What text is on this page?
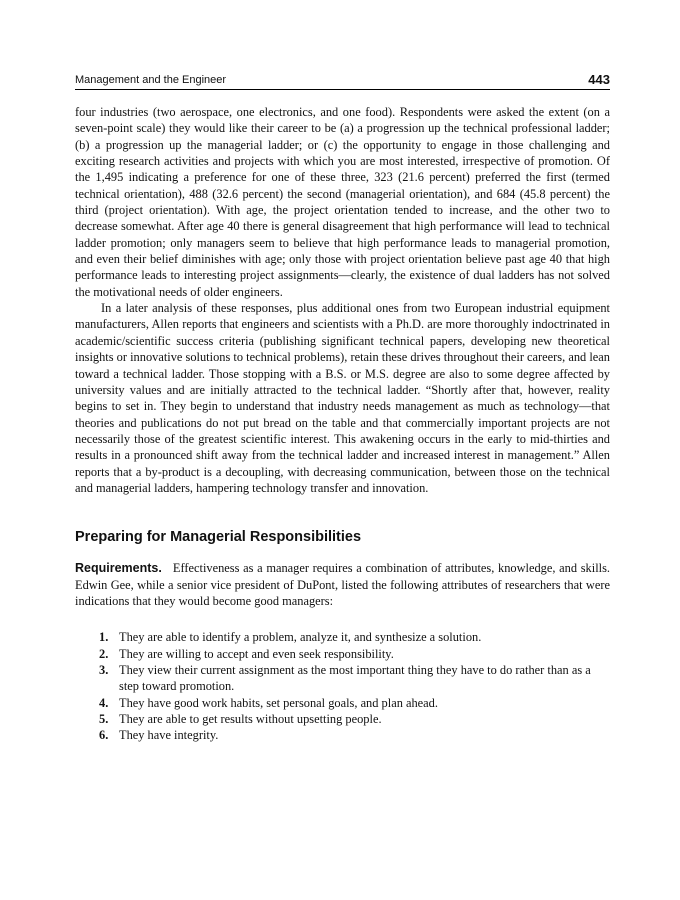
Management and the Engineer	443

four industries (two aerospace, one electronics, and one food). Respondents were asked the extent (on a seven-point scale) they would like their career to be (a) a progression up the technical professional ladder; (b) a progression up the managerial ladder; or (c) the opportunity to engage in those challenging and exciting research activities and projects with which you are most interested, irrespective of promotion. Of the 1,495 indicating a preference for one of these three, 323 (21.6 percent) preferred the first (termed technical orientation), 488 (32.6 percent) the second (managerial orientation), and 684 (45.8 percent) the third (project orientation). With age, the project orientation tended to increase, and the other two to decrease somewhat. After age 40 there is general disagreement that high performance will lead to technical ladder promotion; only managers seem to believe that high performance leads to managerial promotion, and even their belief diminishes with age; only those with project orientation believe past age 40 that high performance leads to interesting project assignments—clearly, the existence of dual ladders has not solved the motivational needs of older engineers.

In a later analysis of these responses, plus additional ones from two European industrial equipment manufacturers, Allen reports that engineers and scientists with a Ph.D. are more thoroughly indoctrinated in academic/scientific success criteria (publishing significant technical papers, developing new theoretical insights or innovative solutions to technical problems), retain these drives throughout their careers, and lean toward a technical ladder. Those stopping with a B.S. or M.S. degree are also to some degree affected by university values and are initially attracted to the technical ladder. “Shortly after that, however, reality begins to set in. They begin to understand that industry needs management as much as technology—that theories and publications do not put bread on the table and that commercially important projects are not necessarily those of the greatest scientific interest. This awakening occurs in the early to mid-thirties and results in a pronounced shift away from the technical ladder and increased interest in management.” Allen reports that a by-product is a decoupling, with decreasing communication, between those on the technical and managerial ladders, hampering technology transfer and innovation.

Preparing for Managerial Responsibilities

Requirements. Effectiveness as a manager requires a combination of attributes, knowledge, and skills. Edwin Gee, while a senior vice president of DuPont, listed the following attributes of researchers that were indications that they would become good managers:

1. They are able to identify a problem, analyze it, and synthesize a solution.
2. They are willing to accept and even seek responsibility.
3. They view their current assignment as the most important thing they have to do rather than as a step toward promotion.
4. They have good work habits, set personal goals, and plan ahead.
5. They are able to get results without upsetting people.
6. They have integrity.
